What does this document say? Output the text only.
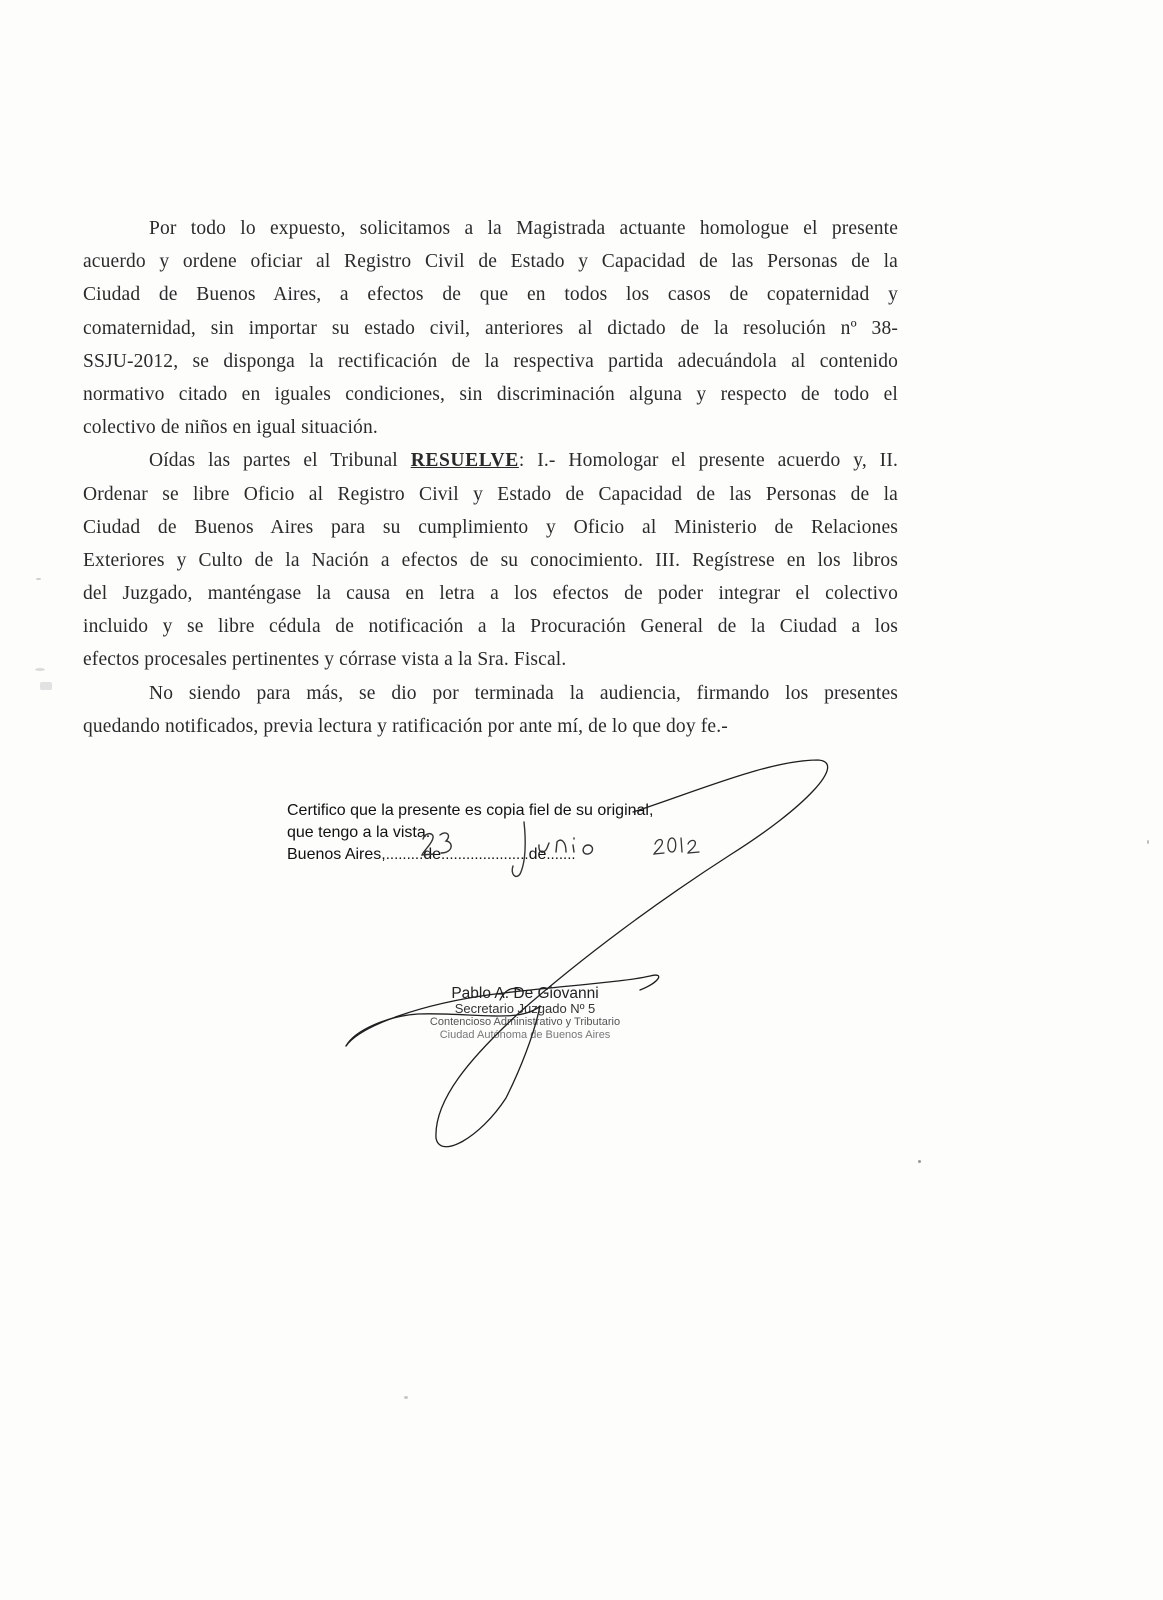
Por todo lo expuesto, solicitamos a la Magistrada actuante homologue el presente
acuerdo y ordene oficiar al Registro Civil de Estado y Capacidad de las Personas de la
Ciudad de Buenos Aires, a efectos de que en todos los casos de copaternidad y
comaternidad, sin importar su estado civil, anteriores al dictado de la resolución nº 38-
SSJU-2012, se disponga la rectificación de la respectiva partida adecuándola al contenido
normativo citado en iguales condiciones, sin discriminación alguna y respecto de todo el
colectivo de niños en igual situación.
Oídas las partes el Tribunal RESUELVE: I.- Homologar el presente acuerdo y, II.
Ordenar se libre Oficio al Registro Civil y Estado de Capacidad de las Personas de la
Ciudad de Buenos Aires para su cumplimiento y Oficio al Ministerio de Relaciones
Exteriores y Culto de la Nación a efectos de su conocimiento. III. Regístrese en los libros
del Juzgado, manténgase la causa en letra a los efectos de poder integrar el colectivo
incluido y se libre cédula de notificación a la Procuración General de la Ciudad a los
efectos procesales pertinentes y córrase vista a la Sra. Fiscal.
No siendo para más, se dio por terminada la audiencia, firmando los presentes
quedando notificados, previa lectura y ratificación por ante mí, de lo que doy fe.-
Certifico que la presente es copia fiel de su original,
que tengo a la vista.
Buenos Aires,.........de.....................de.......
Pablo A. De Giovanni
Secretario Juzgado Nº 5
Contencioso Administrativo y Tributario
Ciudad Autónoma de Buenos Aires
